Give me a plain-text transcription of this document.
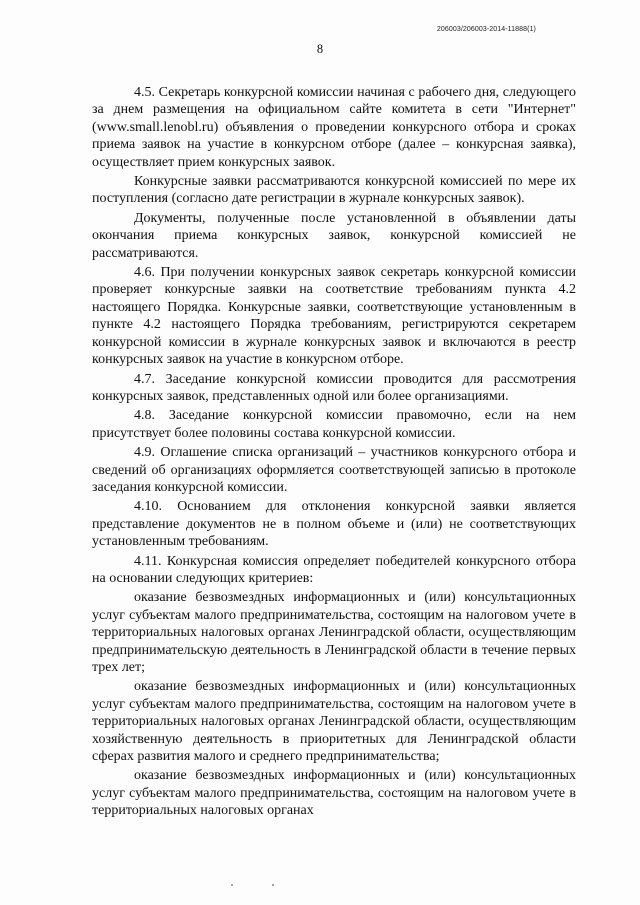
206003/206003-2014-11888(1)
8

4.5. Секретарь конкурсной комиссии начиная с рабочего дня, следующего за днем размещения на официальном сайте комитета в сети "Интернет" (www.small.lenobl.ru) объявления о проведении конкурсного отбора и сроках приема заявок на участие в конкурсном отборе (далее – конкурсная заявка), осуществляет прием конкурсных заявок.

Конкурсные заявки рассматриваются конкурсной комиссией по мере их поступления (согласно дате регистрации в журнале конкурсных заявок).

Документы, полученные после установленной в объявлении даты окончания приема конкурсных заявок, конкурсной комиссией не рассматриваются.

4.6. При получении конкурсных заявок секретарь конкурсной комиссии проверяет конкурсные заявки на соответствие требованиям пункта 4.2 настоящего Порядка. Конкурсные заявки, соответствующие установленным в пункте 4.2 настоящего Порядка требованиям, регистрируются секретарем конкурсной комиссии в журнале конкурсных заявок и включаются в реестр конкурсных заявок на участие в конкурсном отборе.

4.7. Заседание конкурсной комиссии проводится для рассмотрения конкурсных заявок, представленных одной или более организациями.

4.8. Заседание конкурсной комиссии правомочно, если на нем присутствует более половины состава конкурсной комиссии.

4.9. Оглашение списка организаций – участников конкурсного отбора и сведений об организациях оформляется соответствующей записью в протоколе заседания конкурсной комиссии.

4.10. Основанием для отклонения конкурсной заявки является представление документов не в полном объеме и (или) не соответствующих установленным требованиям.

4.11. Конкурсная комиссия определяет победителей конкурсного отбора на основании следующих критериев:

оказание безвозмездных информационных и (или) консультационных услуг субъектам малого предпринимательства, состоящим на налоговом учете в территориальных налоговых органах Ленинградской области, осуществляющим предпринимательскую деятельность в Ленинградской области в течение первых трех лет;

оказание безвозмездных информационных и (или) консультационных услуг субъектам малого предпринимательства, состоящим на налоговом учете в территориальных налоговых органах Ленинградской области, осуществляющим хозяйственную деятельность в приоритетных для Ленинградской области сферах развития малого и среднего предпринимательства;

оказание безвозмездных информационных и (или) консультационных услуг субъектам малого предпринимательства, состоящим на налоговом учете в территориальных налоговых органах
